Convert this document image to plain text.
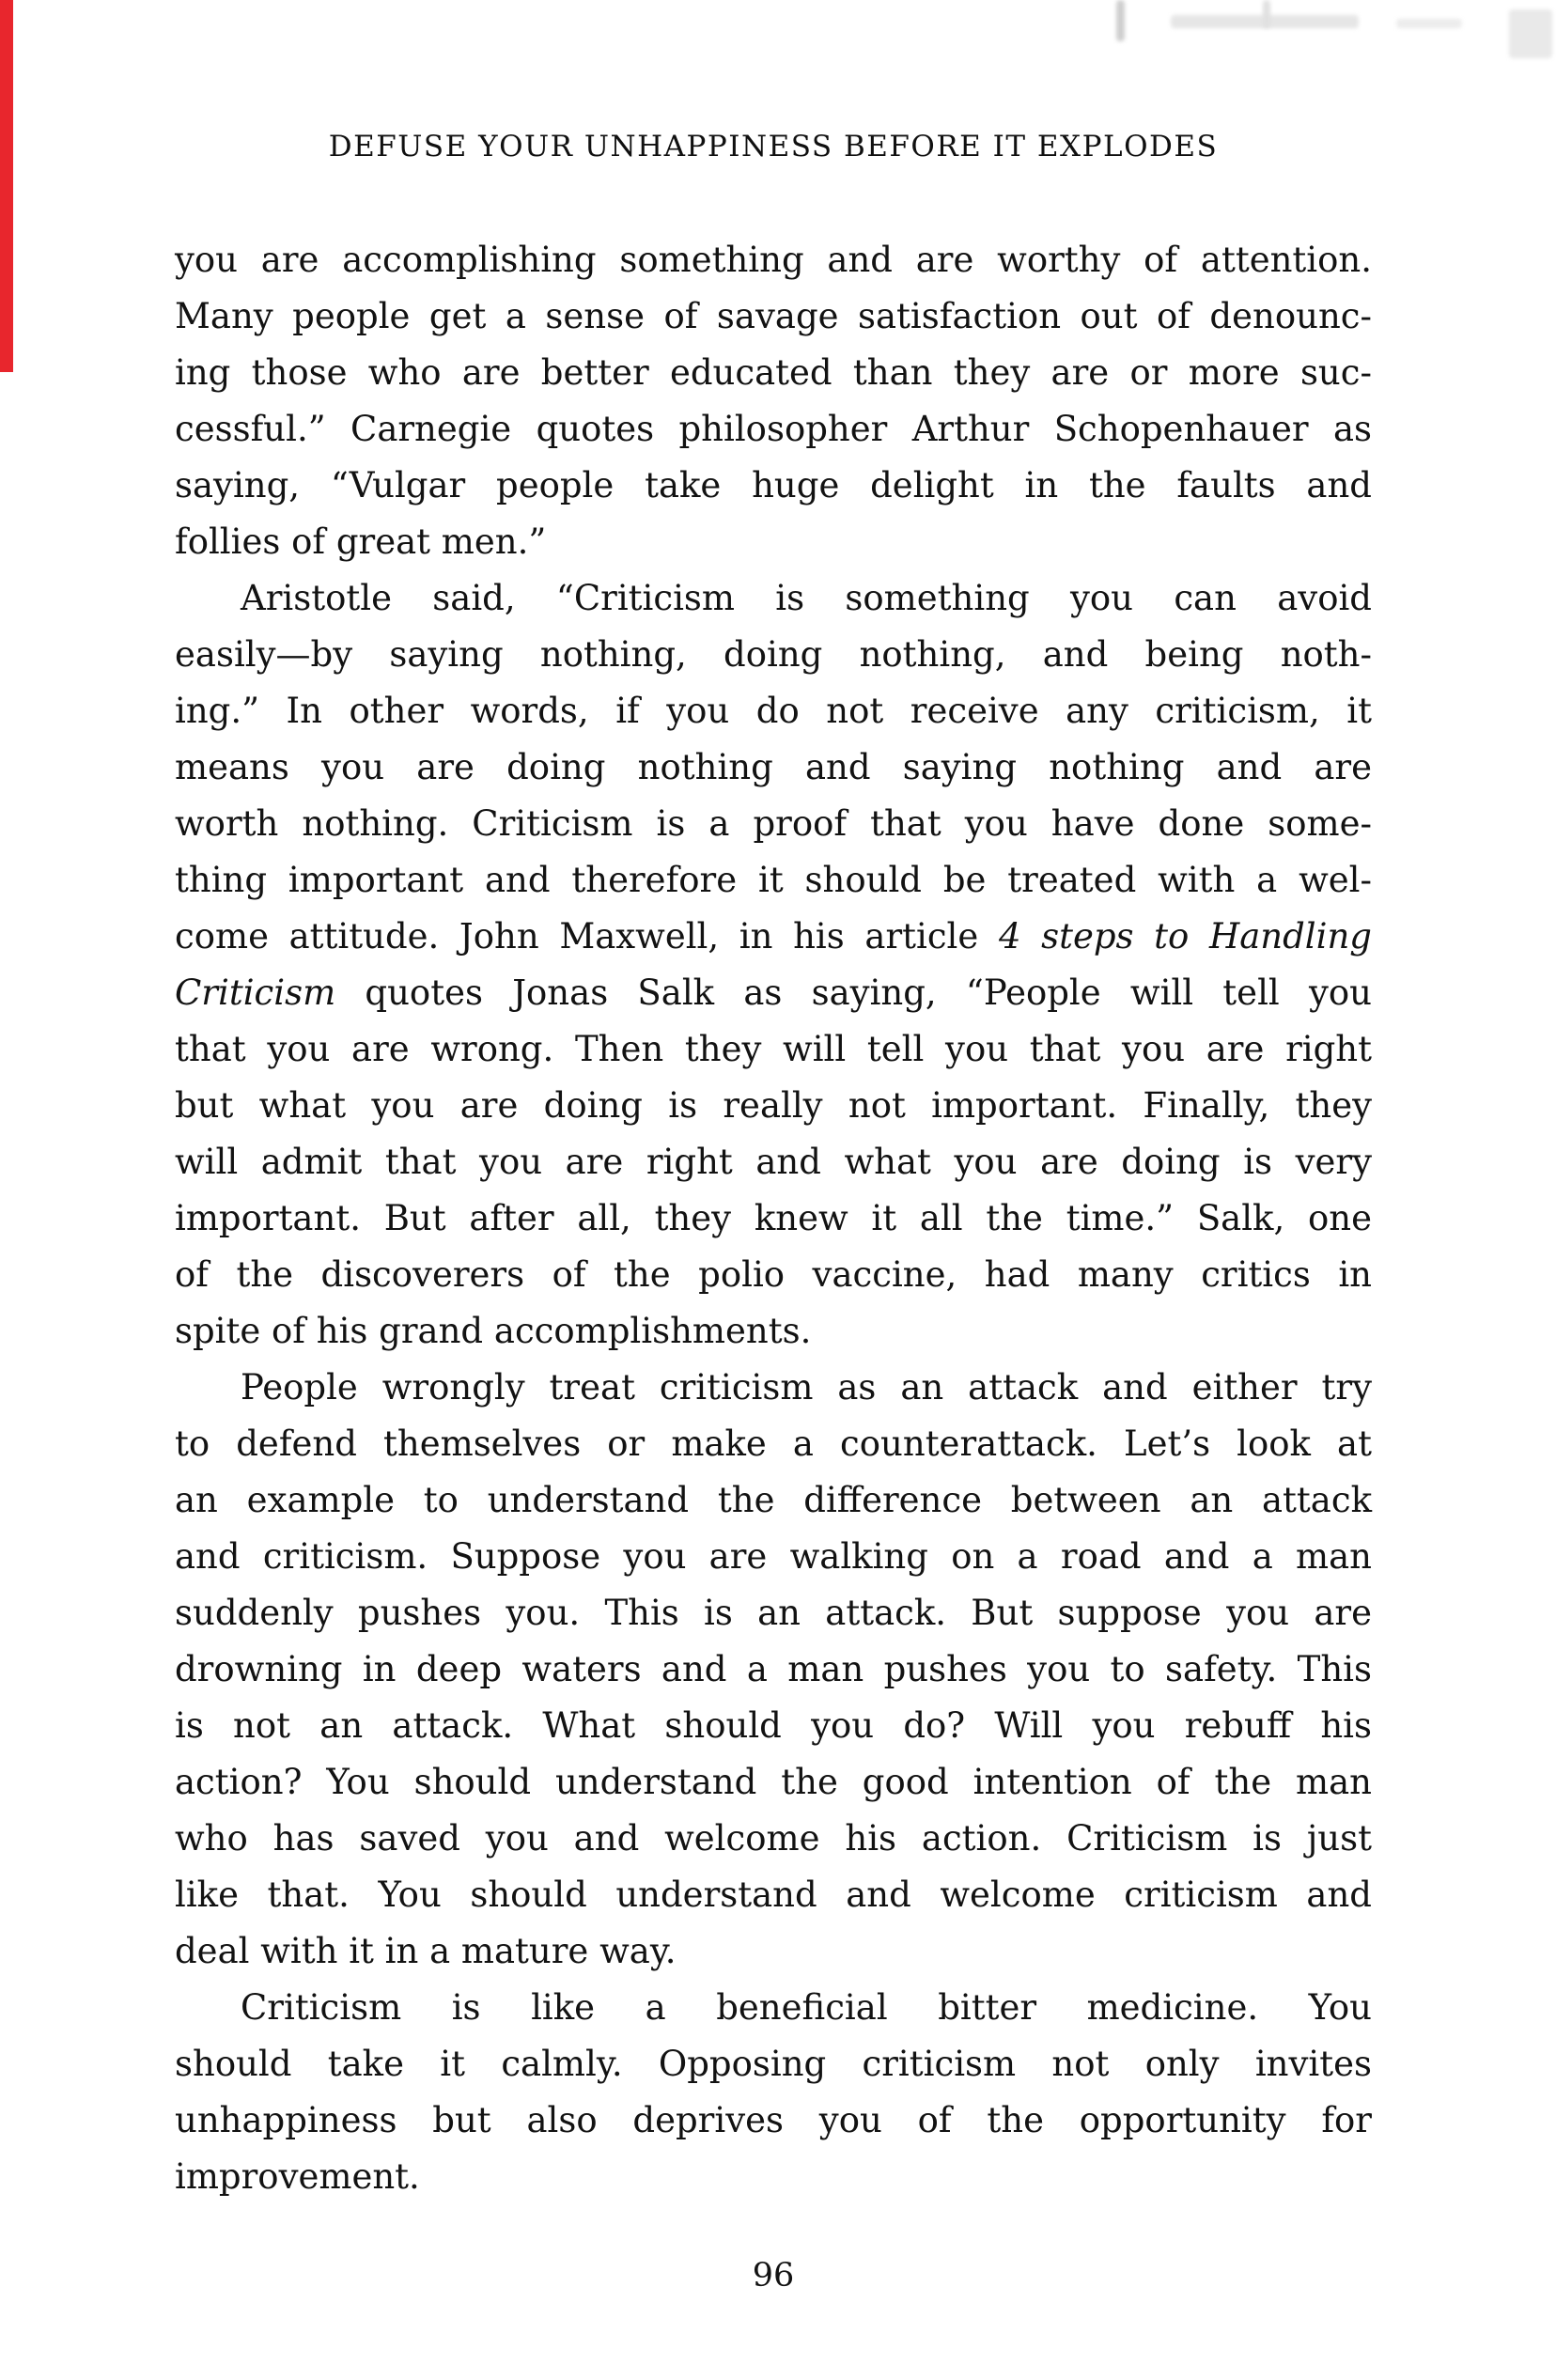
DEFUSE YOUR UNHAPPINESS BEFORE IT EXPLODES
you are accomplishing something and are worthy of attention.
Many people get a sense of savage satisfaction out of denounc-
ing those who are better educated than they are or more suc-
cessful.” Carnegie quotes philosopher Arthur Schopenhauer as
saying, “Vulgar people take huge delight in the faults and
follies of great men.”
Aristotle said, “Criticism is something you can avoid
easily—by saying nothing, doing nothing, and being noth-
ing.” In other words, if you do not receive any criticism, it
means you are doing nothing and saying nothing and are
worth nothing. Criticism is a proof that you have done some-
thing important and therefore it should be treated with a wel-
come attitude. John Maxwell, in his article 4 steps to Handling
Criticism quotes Jonas Salk as saying, “People will tell you
that you are wrong. Then they will tell you that you are right
but what you are doing is really not important. Finally, they
will admit that you are right and what you are doing is very
important. But after all, they knew it all the time.” Salk, one
of the discoverers of the polio vaccine, had many critics in
spite of his grand accomplishments.
People wrongly treat criticism as an attack and either try
to defend themselves or make a counterattack. Let’s look at
an example to understand the difference between an attack
and criticism. Suppose you are walking on a road and a man
suddenly pushes you. This is an attack. But suppose you are
drowning in deep waters and a man pushes you to safety. This
is not an attack. What should you do? Will you rebuff his
action? You should understand the good intention of the man
who has saved you and welcome his action. Criticism is just
like that. You should understand and welcome criticism and
deal with it in a mature way.
Criticism is like a beneficial bitter medicine. You
should take it calmly. Opposing criticism not only invites
unhappiness but also deprives you of the opportunity for
improvement.
96
